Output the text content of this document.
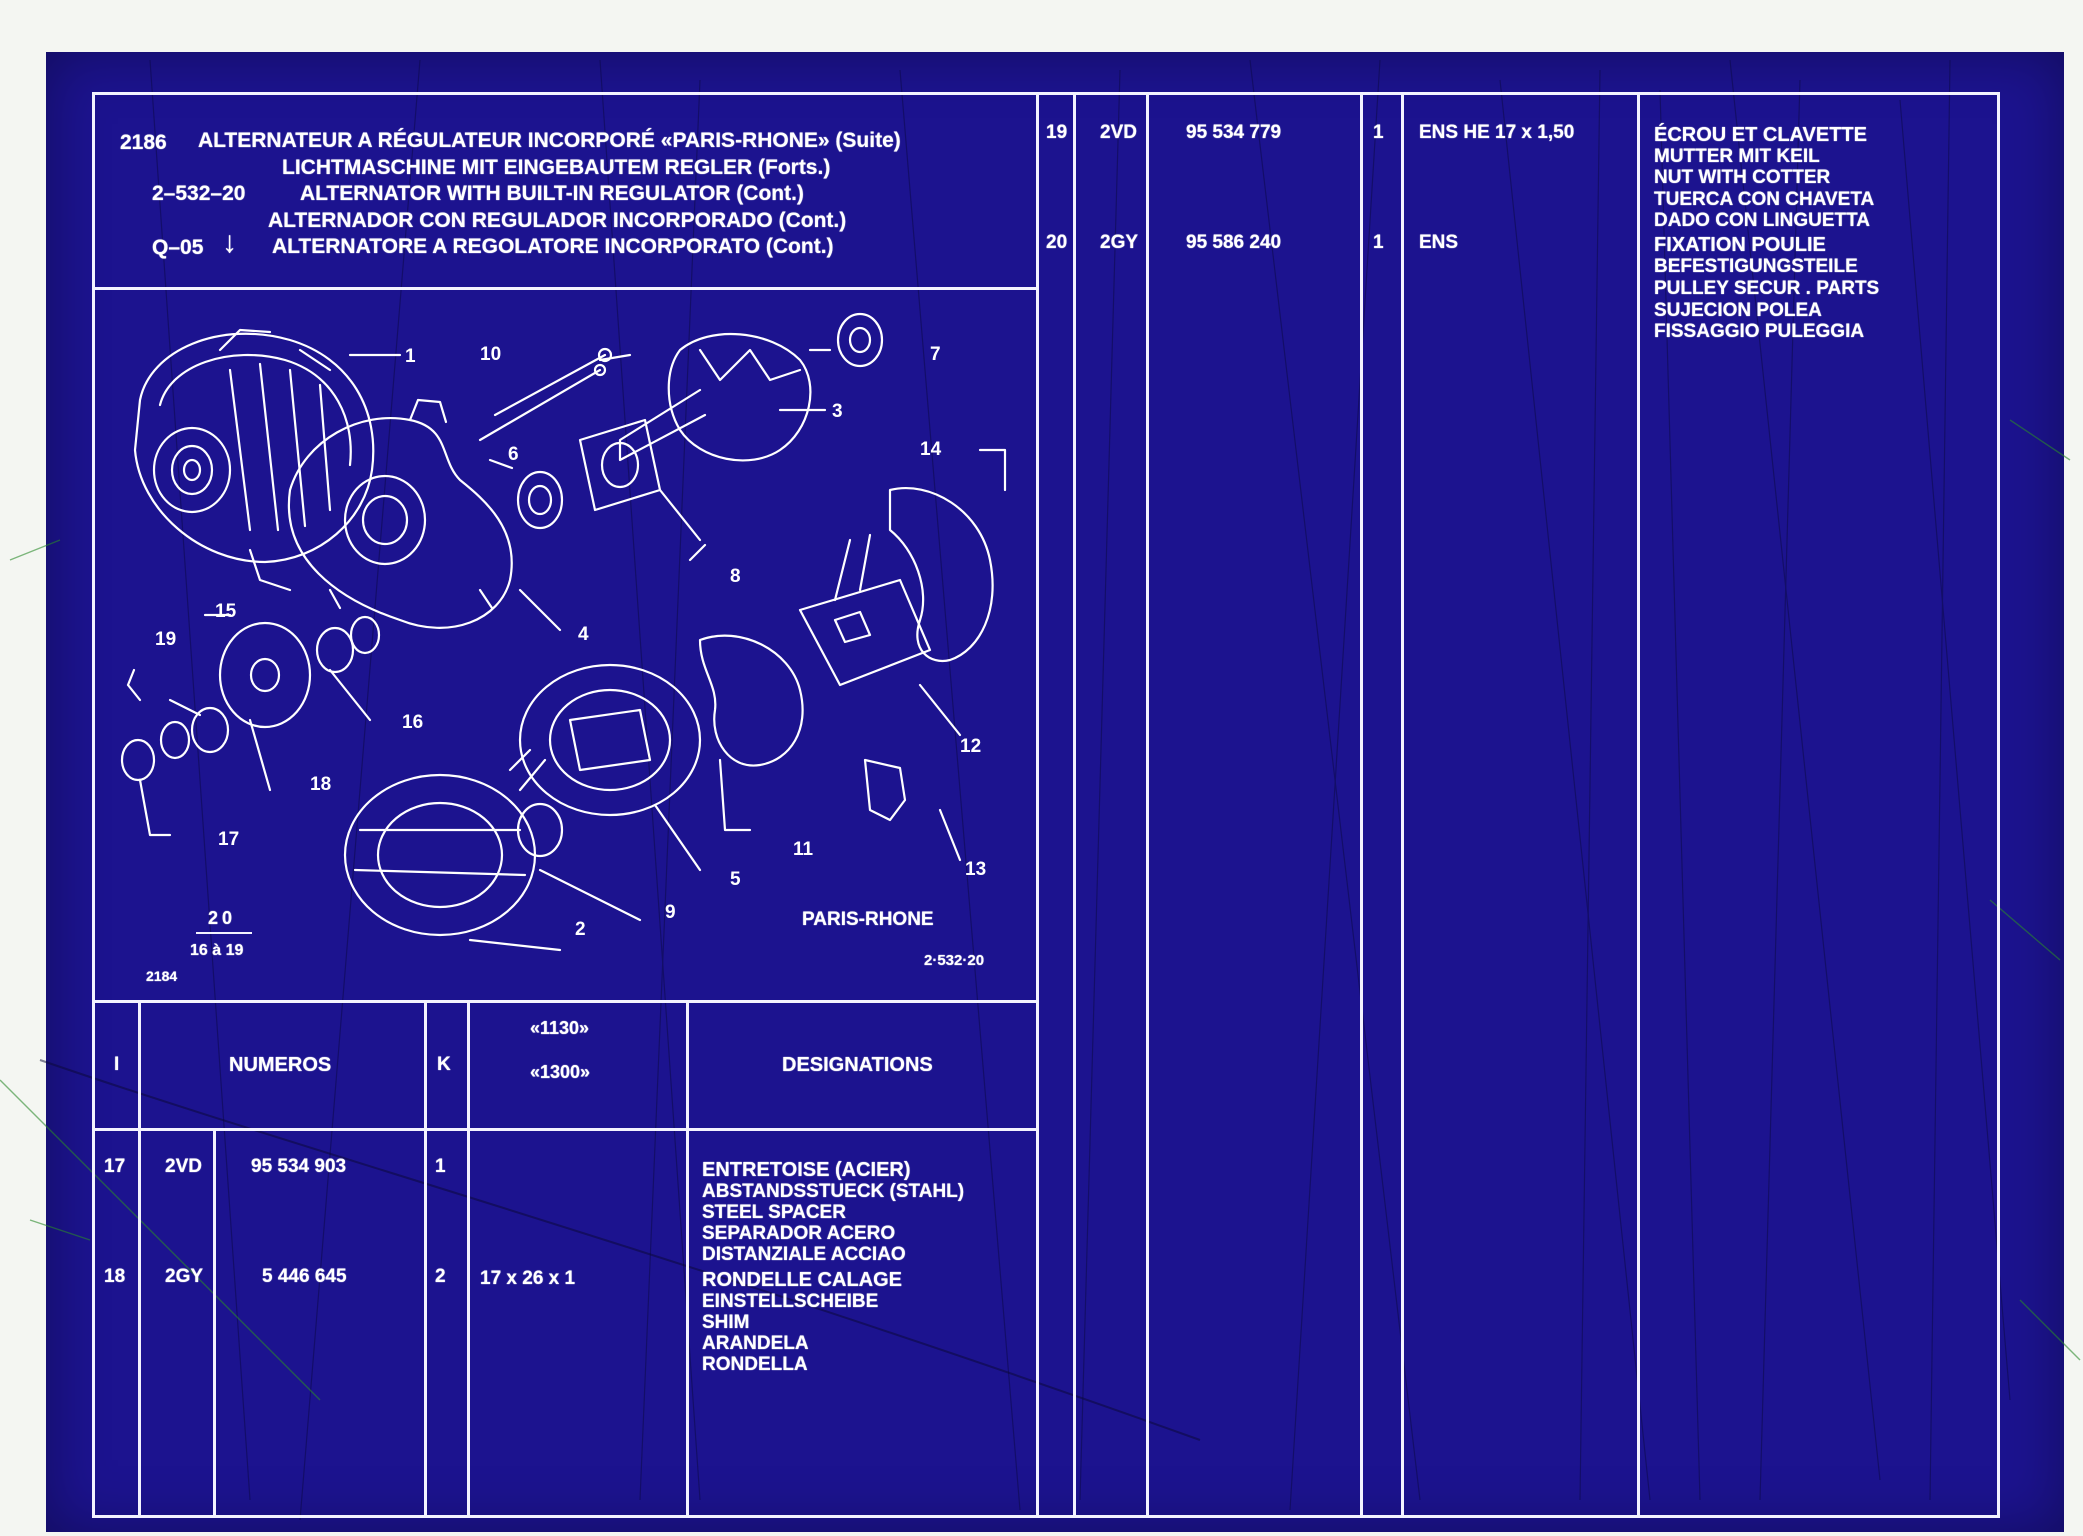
2186
2–532–20
Q–05 ↓
ALTERNATEUR A RÉGULATEUR INCORPORÉ «PARIS-RHONE» (Suite)
LICHTMASCHINE MIT EINGEBAUTEM REGLER (Forts.)
ALTERNATOR WITH BUILT-IN REGULATOR (Cont.)
ALTERNADOR CON REGULADOR INCORPORADO (Cont.)
ALTERNATORE A REGOLATORE INCORPORATO (Cont.)
1
2
3
4
5
6
7
8
9
10
11
12
13
14
15
16
17
18
19
PARIS-RHONE
2·532·20
2184
20
16 à 19
I	NUMEROS	K
«1130»
«1300»	DESIGNATIONS
17 2VD	95 534 903	1	ENTRETOISE (ACIER)
ABSTANDSSTUECK (STAHL)
STEEL SPACER
SEPARADOR ACERO
DISTANZIALE ACCIAO
18 2GY	5 446 645	2 17 x 26 x 1	RONDELLE CALAGE
EINSTELLSCHEIBE
SHIM
ARANDELA
RONDELLA
19 2VD	95 534 779	1 ENS HE 17 x 1,50	ÉCROU ET CLAVETTE
MUTTER MIT KEIL
NUT WITH COTTER
TUERCA CON CHAVETA
DADO CON LINGUETTA
20 2GY	95 586 240	1 ENS	FIXATION POULIE
BEFESTIGUNGSTEILE
PULLEY SECUR . PARTS
SUJECION POLEA
FISSAGGIO PULEGGIA
